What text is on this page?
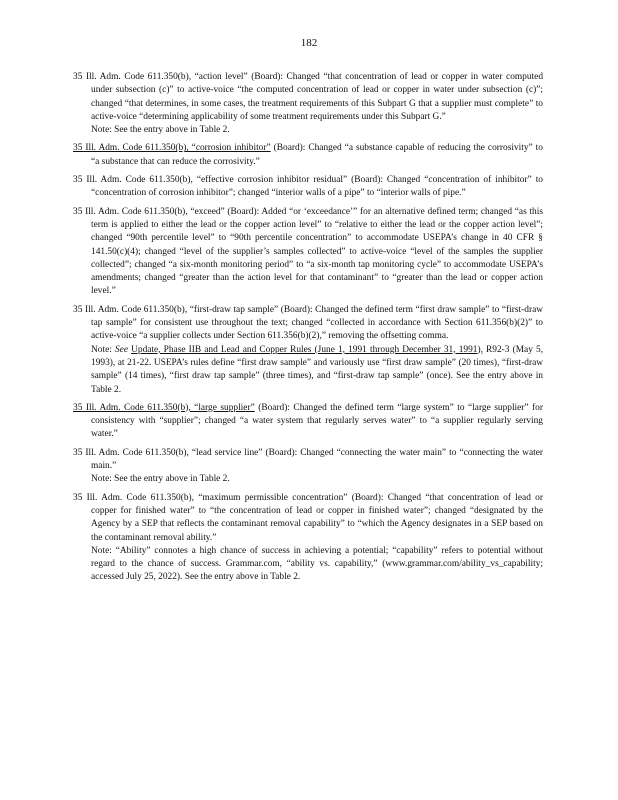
182
35 Ill. Adm. Code 611.350(b), “action level” (Board): Changed “that concentration of lead or copper in water computed under subsection (c)” to active-voice “the computed concentration of lead or copper in water under subsection (c)”; changed “that determines, in some cases, the treatment requirements of this Subpart G that a supplier must complete” to active-voice “determining applicability of some treatment requirements under this Subpart G.”
Note: See the entry above in Table 2.
35 Ill. Adm. Code 611.350(b), “corrosion inhibitor” (Board): Changed “a substance capable of reducing the corrosivity” to “a substance that can reduce the corrosivity.”
35 Ill. Adm. Code 611.350(b), “effective corrosion inhibitor residual” (Board): Changed “concentration of inhibitor” to “concentration of corrosion inhibitor”; changed “interior walls of a pipe” to “interior walls of pipe.”
35 Ill. Adm. Code 611.350(b), “exceed” (Board): Added “or ‘exceedance’” for an alternative defined term; changed “as this term is applied to either the lead or the copper action level” to “relative to either the lead or the copper action level”; changed “90th percentile level” to “90th percentile concentration” to accommodate USEPA’s change in 40 CFR § 141.50(c)(4); changed “level of the supplier’s samples collected” to active-voice “level of the samples the supplier collected”; changed “a six-month monitoring period” to “a six-month tap monitoring cycle” to accommodate USEPA’s amendments; changed “greater than the action level for that contaminant” to “greater than the lead or copper action level.”
35 Ill. Adm. Code 611.350(b), “first-draw tap sample” (Board): Changed the defined term “first draw sample” to “first-draw tap sample” for consistent use throughout the text; changed “collected in accordance with Section 611.356(b)(2)” to active-voice “a supplier collects under Section 611.356(b)(2),” removing the offsetting comma.
Note: See Update, Phase IIB and Lead and Copper Rules (June 1, 1991 through December 31, 1991), R92-3 (May 5, 1993), at 21-22. USEPA’s rules define “first draw sample” and variously use “first draw sample” (20 times), “first-draw sample” (14 times), “first draw tap sample” (three times), and “first-draw tap sample” (once). See the entry above in Table 2.
35 Ill. Adm. Code 611.350(b), “large supplier” (Board): Changed the defined term “large system” to “large supplier” for consistency with “supplier”; changed “a water system that regularly serves water” to “a supplier regularly serving water.”
35 Ill. Adm. Code 611.350(b), “lead service line” (Board): Changed “connecting the water main” to “connecting the water main.”
Note: See the entry above in Table 2.
35 Ill. Adm. Code 611.350(b), “maximum permissible concentration” (Board): Changed “that concentration of lead or copper for finished water” to “the concentration of lead or copper in finished water”; changed “designated by the Agency by a SEP that reflects the contaminant removal capability” to “which the Agency designates in a SEP based on the contaminant removal ability.”
Note: “Ability” connotes a high chance of success in achieving a potential; “capability” refers to potential without regard to the chance of success. Grammar.com, “ability vs. capability,” (www.grammar.com/ability_vs_capability; accessed July 25, 2022). See the entry above in Table 2.
